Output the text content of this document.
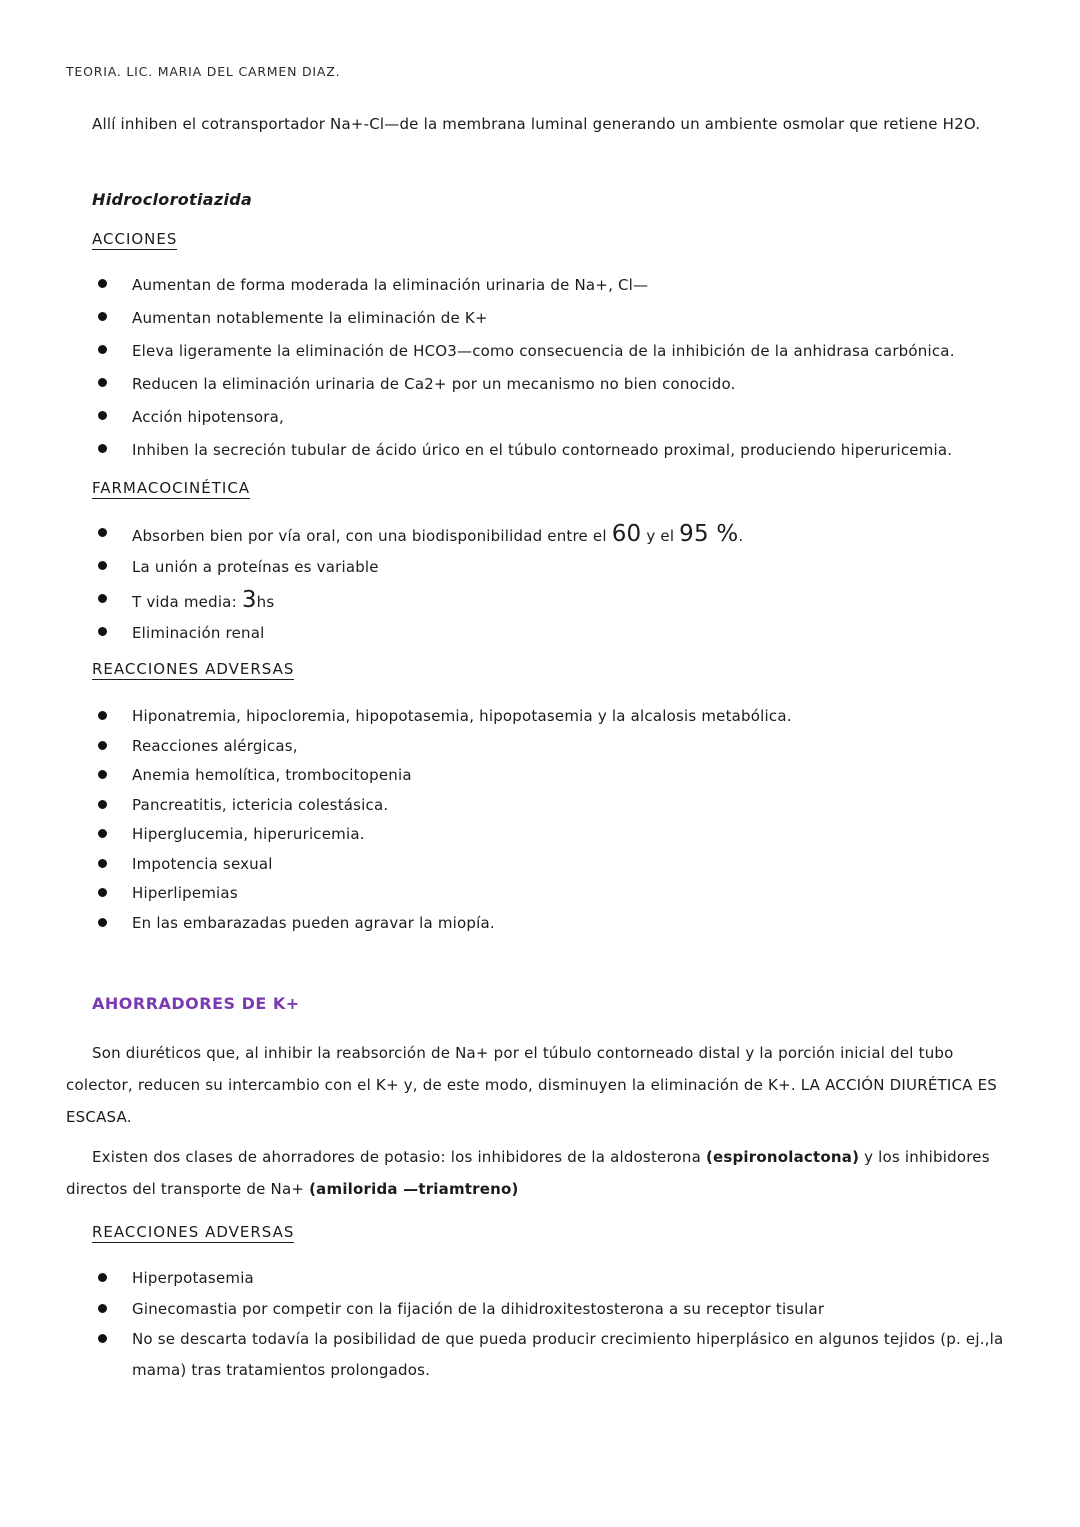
TEORIA. LIC. MARIA DEL CARMEN DIAZ.
Allí inhiben el cotransportador Na+-Cl—de la membrana luminal generando un ambiente osmolar que retiene H2O.
Hidroclorotiazida
ACCIONES
Aumentan de forma moderada la eliminación urinaria de Na+, Cl—
Aumentan notablemente la eliminación de K+
Eleva ligeramente la eliminación de HCO3—como consecuencia de la inhibición de la anhidrasa carbónica.
Reducen la eliminación urinaria de Ca2+ por un mecanismo no bien conocido.
Acción hipotensora,
Inhiben la secreción tubular de ácido úrico en el túbulo contorneado proximal, produciendo hiperuricemia.
FARMACOCINÉTICA
Absorben bien por vía oral, con una biodisponibilidad entre el 60 y el 95 %.
La unión a proteínas es variable
T vida media: 3hs
Eliminación renal
REACCIONES ADVERSAS
Hiponatremia, hipocloremia, hipopotasemia, hipopotasemia y la alcalosis metabólica.
Reacciones alérgicas,
Anemia hemolítica, trombocitopenia
Pancreatitis, ictericia colestásica.
Hiperglucemia, hiperuricemia.
Impotencia sexual
Hiperlipemias
En las embarazadas pueden agravar la miopía.
AHORRADORES DE K+
Son diuréticos que, al inhibir la reabsorción de Na+ por el túbulo contorneado distal y la porción inicial del tubo colector, reducen su intercambio con el K+ y, de este modo, disminuyen la eliminación de K+. LA ACCIÓN DIURÉTICA ES ESCASA.
Existen dos clases de ahorradores de potasio: los inhibidores de la aldosterona (espironolactona) y los inhibidores directos del transporte de Na+ (amilorida —triamtreno)
REACCIONES ADVERSAS
Hiperpotasemia
Ginecomastia por competir con la fijación de la dihidroxitestosterona a su receptor tisular
No se descarta todavía la posibilidad de que pueda producir crecimiento hiperplásico en algunos tejidos (p. ej.,la mama) tras tratamientos prolongados.
